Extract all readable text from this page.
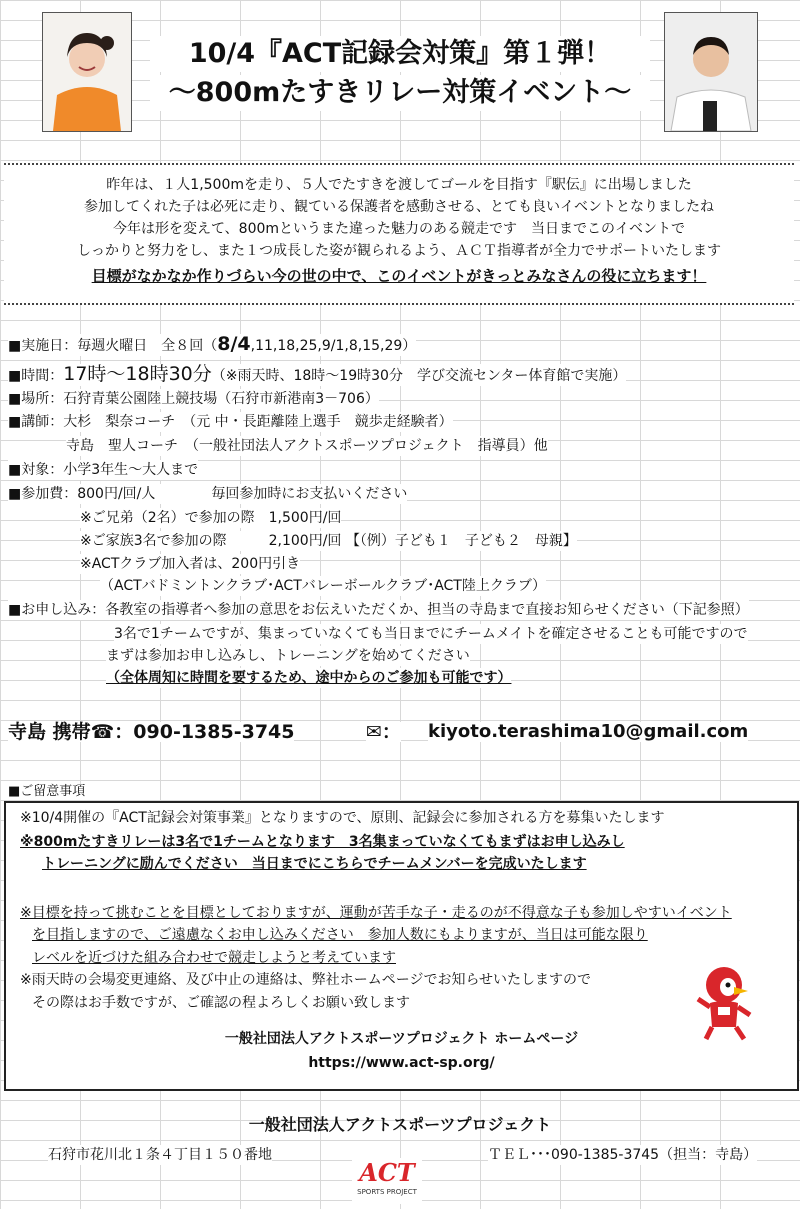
10/4『ACT記録会対策』第１弾！
～800mたすきリレー対策イベント～
昨年は、１人1,500mを走り、５人でたすきを渡してゴールを目指す『駅伝』に出場しました
参加してくれた子は必死に走り、観ている保護者を感動させる、とても良いイベントとなりましたね
今年は形を変えて、800mというまた違った魅力のある競走です　当日までこのイベントで
しっかりと努力をし、また１つ成長した姿が観られるよう、ＡＣＴ指導者が全力でサポートいたします
目標がなかなか作りづらい今の世の中で、このイベントがきっとみなさんの役に立ちます！
■実施日：毎週火曜日　全８回（8/4,11,18,25,9/1,8,15,29）
■時間：17時～18時30分（※雨天時、18時～19時30分　学び交流センター体育館で実施）
■場所：石狩青葉公園陸上競技場（石狩市新港南3－706）
■講師：大杉　梨奈コーチ　（元 中・長距離陸上選手　競歩走経験者）
寺島　聖人コーチ　（一般社団法人アクトスポーツプロジェクト　指導員）他
■対象：小学3年生～大人まで
■参加費：800円/回/人　　　　毎回参加時にお支払いください
※ご兄弟（2名）で参加の際　1,500円/回
※ご家族3名で参加の際　　　2,100円/回 【（例）子ども１　子ども２　母親】
※ACTクラブ加入者は、200円引き
（ACTバドミントンクラブ･ACTバレーボールクラブ･ACT陸上クラブ）
■お申し込み：各教室の指導者へ参加の意思をお伝えいただくか、担当の寺島まで直接お知らせください（下記参照）
3名で1チームですが、集まっていなくても当日までにチームメイトを確定させることも可能ですので
まずは参加お申し込みし、トレーニングを始めてください
（全体周知に時間を要するため、途中からのご参加も可能です）
寺島 携帯☎：090-1385-3745	✉： kiyoto.terashima10@gmail.com
■ご留意事項
※10/4開催の『ACT記録会対策事業』となりますので、原則、記録会に参加される方を募集いたします
※800mたすきリレーは3名で1チームとなります　3名集まっていなくてもまずはお申し込みし
トレーニングに励んでください　当日までにこちらでチームメンバーを完成いたします
※目標を持って挑むことを目標としておりますが、運動が苦手な子・走るのが不得意な子も参加しやすいイベント
を目指しますので、ご遠慮なくお申し込みください　参加人数にもよりますが、当日は可能な限り
レベルを近づけた組み合わせで競走しようと考えています
※雨天時の会場変更連絡、及び中止の連絡は、弊社ホームページでお知らせいたしますので
その際はお手数ですが、ご確認の程よろしくお願い致します
一般社団法人アクトスポーツプロジェクト ホームページ
https://www.act-sp.org/
一般社団法人アクトスポーツプロジェクト
石狩市花川北１条４丁目１５０番地	ＴＥＬ･･･090-1385-3745（担当：寺島）
ACT
SPORTS PROJECT
